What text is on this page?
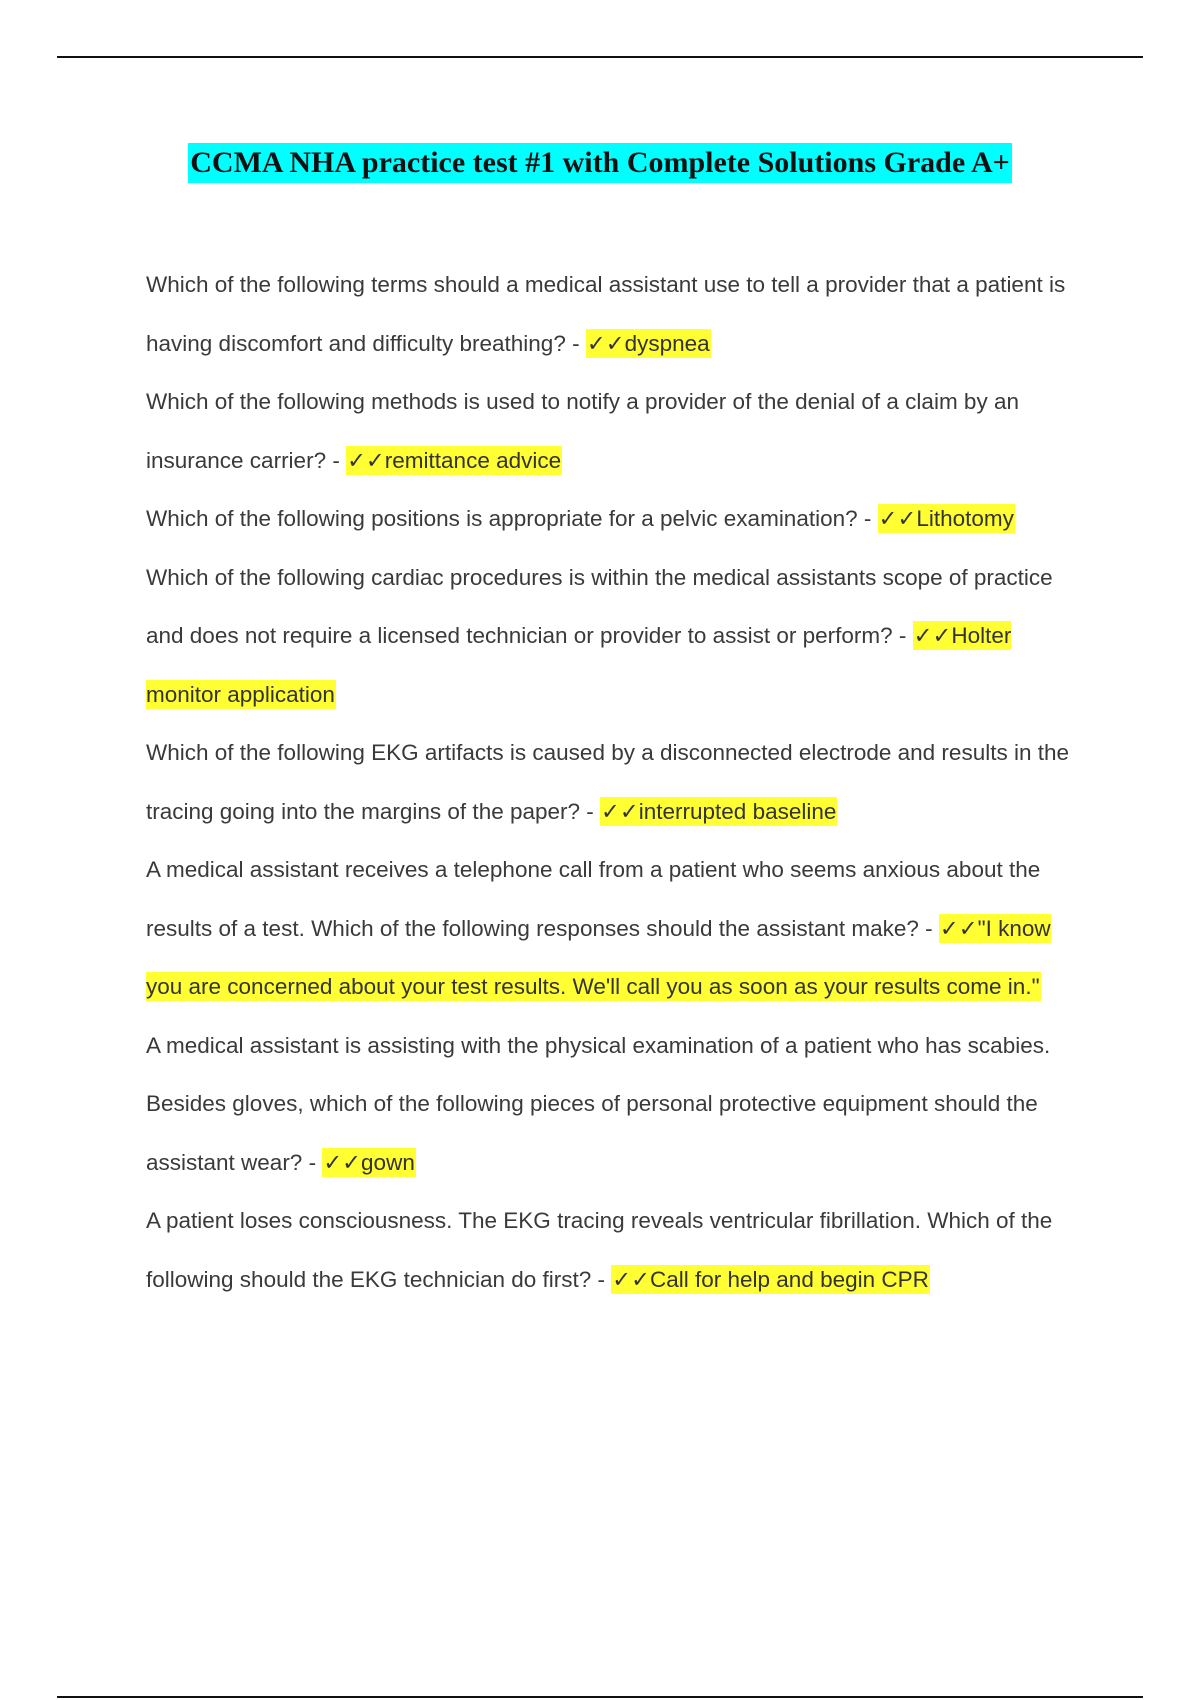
CCMA NHA practice test #1 with Complete Solutions Grade A+

Which of the following terms should a medical assistant use to tell a provider that a patient is having discomfort and difficulty breathing? - ✓✓dyspnea

Which of the following methods is used to notify a provider of the denial of a claim by an insurance carrier? - ✓✓remittance advice

Which of the following positions is appropriate for a pelvic examination? - ✓✓Lithotomy

Which of the following cardiac procedures is within the medical assistants scope of practice and does not require a licensed technician or provider to assist or perform? - ✓✓Holter monitor application

Which of the following EKG artifacts is caused by a disconnected electrode and results in the tracing going into the margins of the paper? - ✓✓interrupted baseline

A medical assistant receives a telephone call from a patient who seems anxious about the results of a test. Which of the following responses should the assistant make? - ✓✓"I know you are concerned about your test results. We'll call you as soon as your results come in."

A medical assistant is assisting with the physical examination of a patient who has scabies. Besides gloves, which of the following pieces of personal protective equipment should the assistant wear? - ✓✓gown

A patient loses consciousness. The EKG tracing reveals ventricular fibrillation. Which of the following should the EKG technician do first? - ✓✓Call for help and begin CPR
